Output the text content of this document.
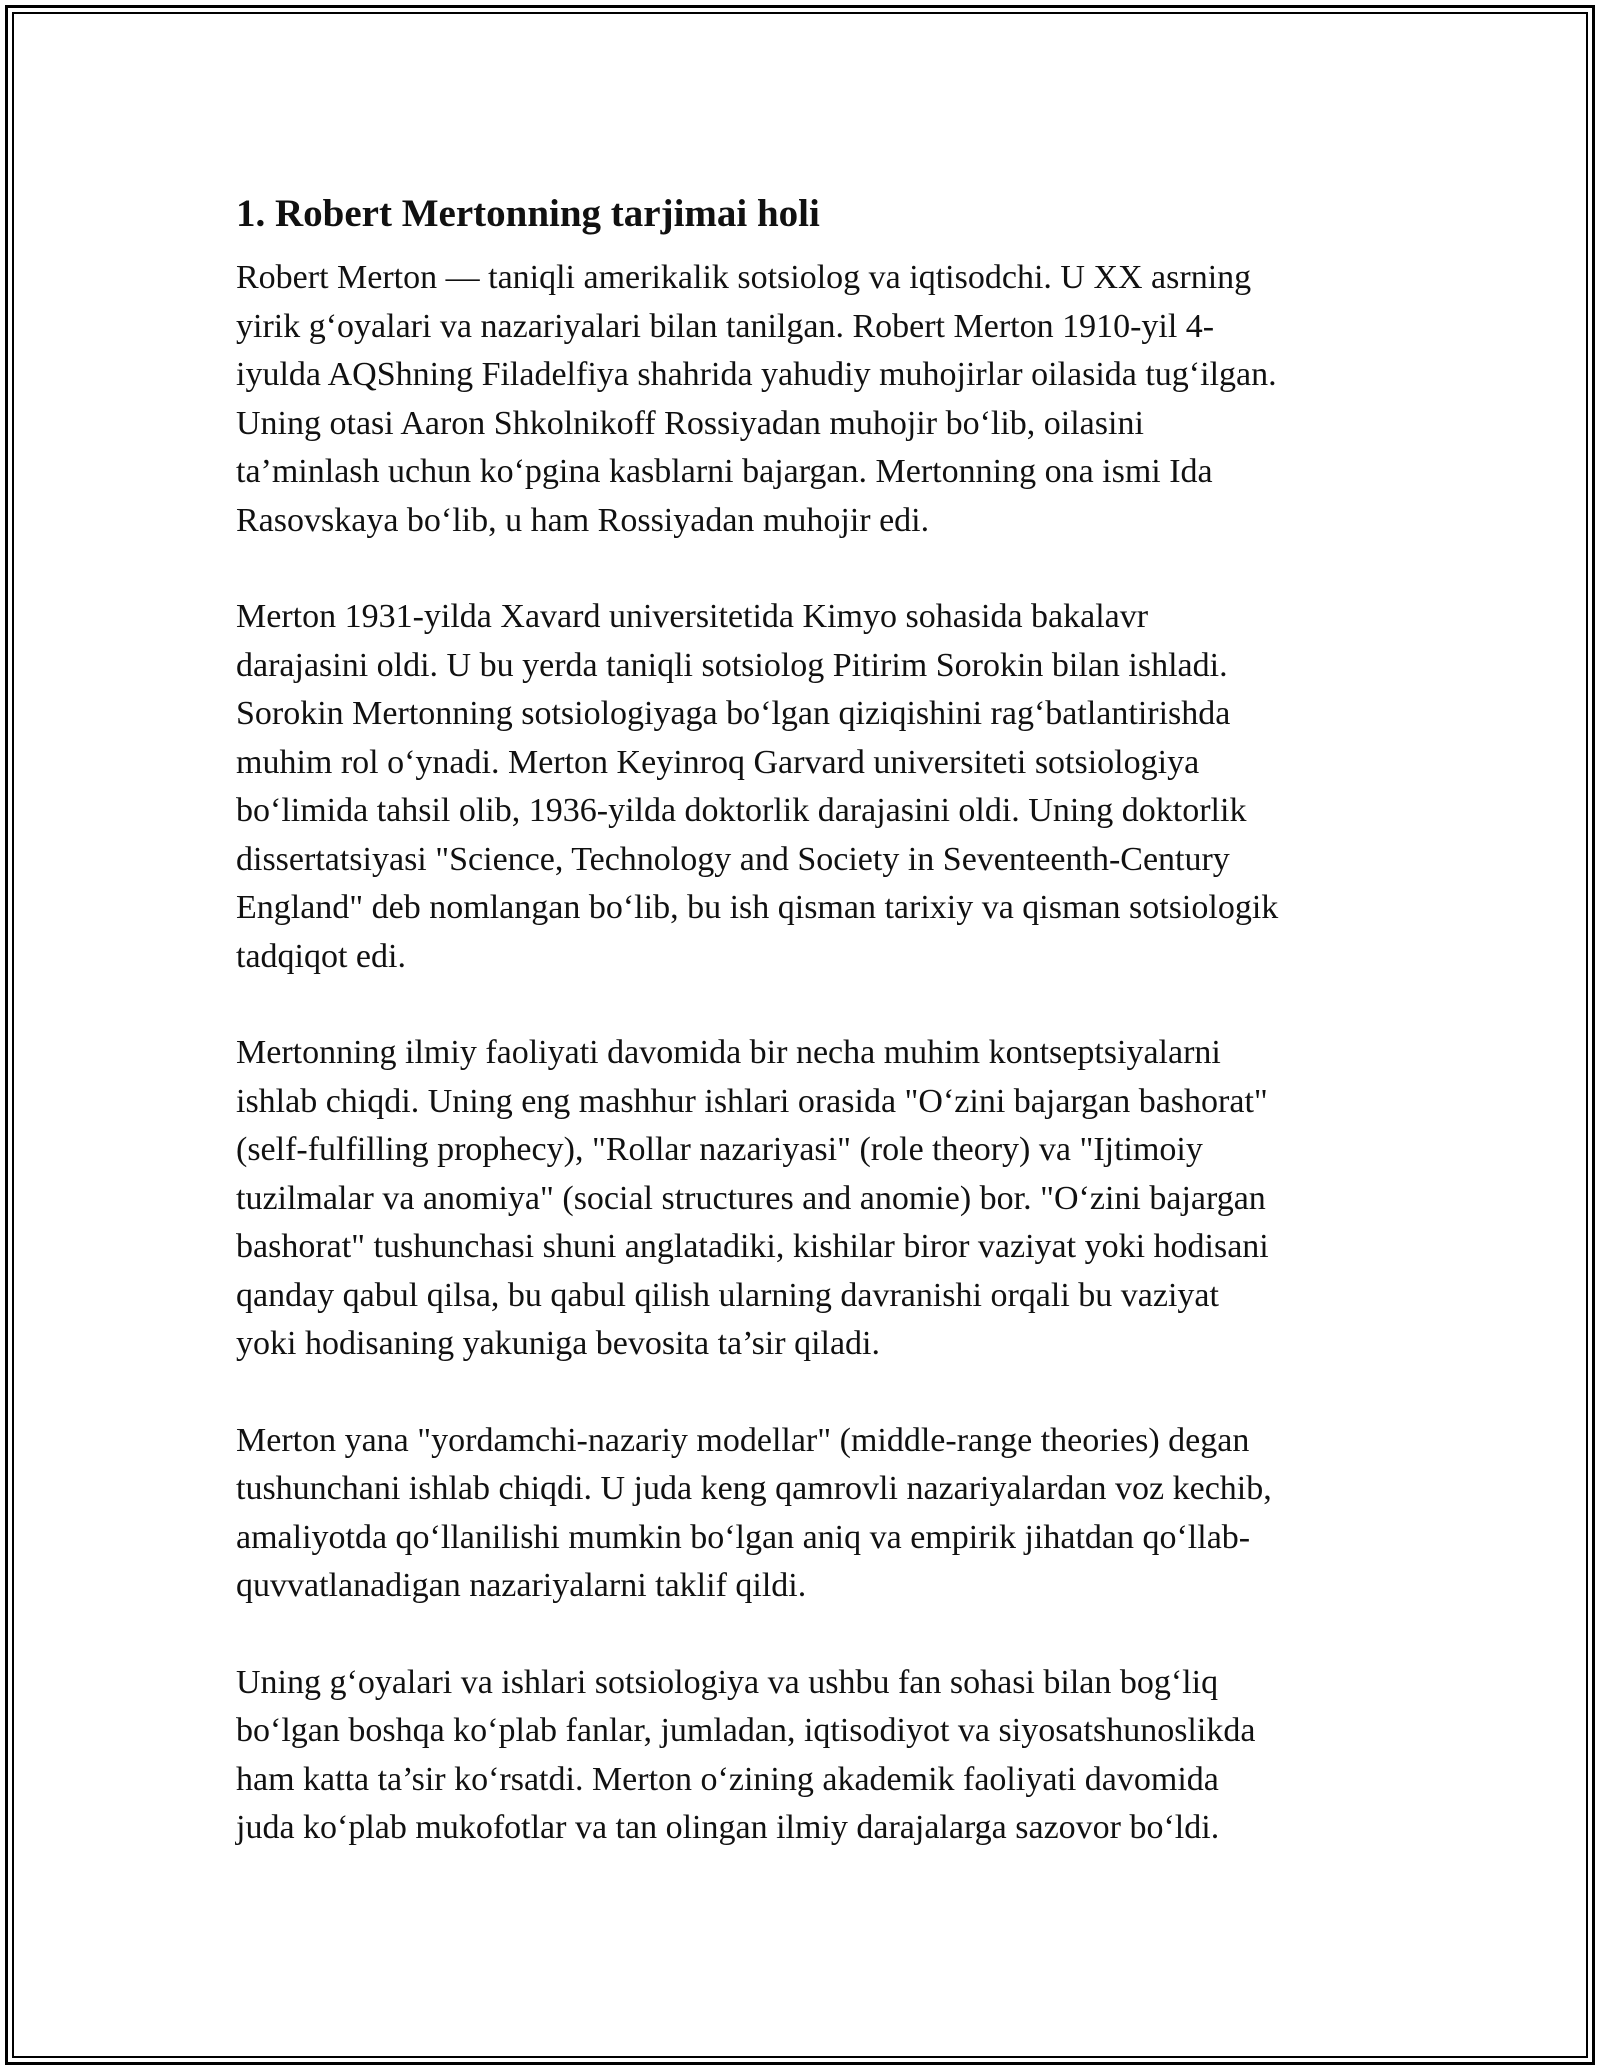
1. Robert Mertonning tarjimai holi

Robert Merton — taniqli amerikalik sotsiolog va iqtisodchi. U XX asrning
yirik g‘oyalari va nazariyalari bilan tanilgan. Robert Merton 1910-yil 4-
iyulda AQShning Filadelfiya shahrida yahudiy muhojirlar oilasida tug‘ilgan.
Uning otasi Aaron Shkolnikoff Rossiyadan muhojir bo‘lib, oilasini
ta’minlash uchun ko‘pgina kasblarni bajargan. Mertonning ona ismi Ida
Rasovskaya bo‘lib, u ham Rossiyadan muhojir edi.

Merton 1931-yilda Xavard universitetida Kimyo sohasida bakalavr
darajasini oldi. U bu yerda taniqli sotsiolog Pitirim Sorokin bilan ishladi.
Sorokin Mertonning sotsiologiyaga bo‘lgan qiziqishini rag‘batlantirishda
muhim rol o‘ynadi. Merton Keyinroq Garvard universiteti sotsiologiya
bo‘limida tahsil olib, 1936-yilda doktorlik darajasini oldi. Uning doktorlik
dissertatsiyasi "Science, Technology and Society in Seventeenth-Century
England" deb nomlangan bo‘lib, bu ish qisman tarixiy va qisman sotsiologik
tadqiqot edi.

Mertonning ilmiy faoliyati davomida bir necha muhim kontseptsiyalarni
ishlab chiqdi. Uning eng mashhur ishlari orasida "O‘zini bajargan bashorat"
(self-fulfilling prophecy), "Rollar nazariyasi" (role theory) va "Ijtimoiy
tuzilmalar va anomiya" (social structures and anomie) bor. "O‘zini bajargan
bashorat" tushunchasi shuni anglatadiki, kishilar biror vaziyat yoki hodisani
qanday qabul qilsa, bu qabul qilish ularning davranishi orqali bu vaziyat
yoki hodisaning yakuniga bevosita ta’sir qiladi.

Merton yana "yordamchi-nazariy modellar" (middle-range theories) degan
tushunchani ishlab chiqdi. U juda keng qamrovli nazariyalardan voz kechib,
amaliyotda qo‘llanilishi mumkin bo‘lgan aniq va empirik jihatdan qo‘llab-
quvvatlanadigan nazariyalarni taklif qildi.

Uning g‘oyalari va ishlari sotsiologiya va ushbu fan sohasi bilan bog‘liq
bo‘lgan boshqa ko‘plab fanlar, jumladan, iqtisodiyot va siyosatshunoslikda
ham katta ta’sir ko‘rsatdi. Merton o‘zining akademik faoliyati davomida
juda ko‘plab mukofotlar va tan olingan ilmiy darajalarga sazovor bo‘ldi.
